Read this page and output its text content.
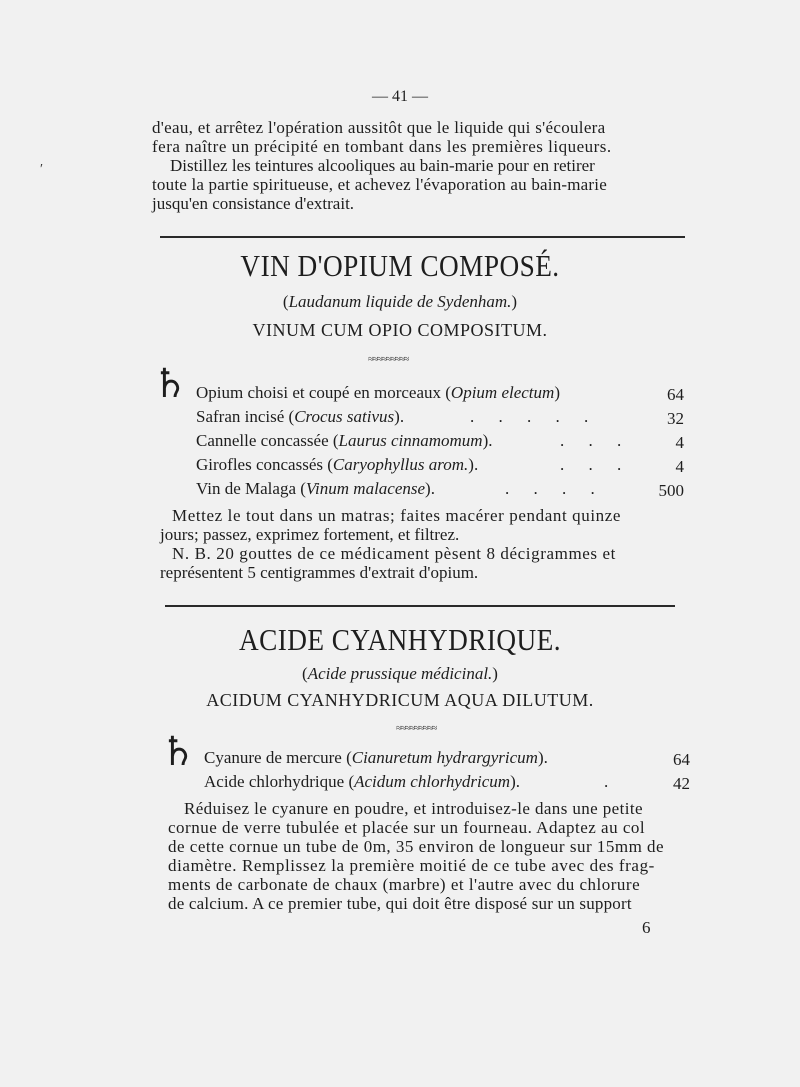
— 41 —
d'eau, et arrêtez l'opération aussitôt que le liquide qui s'écoulera
fera naître un précipité en tombant dans les premières liqueurs.
Distillez les teintures alcooliques au bain-marie pour en retirer
toute la partie spiritueuse, et achevez l'évaporation au bain-marie
jusqu'en consistance d'extrait.
′
VIN D'OPIUM COMPOSÉ.
(Laudanum liquide de Sydenham.)
VINUM CUM OPIO COMPOSITUM.
≈≈≈≈≈≈≈≈≈
♄ Opium choisi et coupé en morceaux (Opium electum)	64
Safran incisé (Crocus sativus).	. . . . .	32
Cannelle concassée (Laurus cinnamomum).	. . .	4
Girofles concassés (Caryophyllus arom.).	. . .	4
Vin de Malaga (Vinum malacense).	. . . .	500
Mettez le tout dans un matras; faites macérer pendant quinze
jours; passez, exprimez fortement, et filtrez.
N. B. 20 gouttes de ce médicament pèsent 8 décigrammes et
représentent 5 centigrammes d'extrait d'opium.
ACIDE CYANHYDRIQUE.
(Acide prussique médicinal.)
ACIDUM CYANHYDRICUM AQUA DILUTUM.
≈≈≈≈≈≈≈≈≈
♄ Cyanure de mercure (Cianuretum hydrargyricum).	64
Acide chlorhydrique (Acidum chlorhydricum).	.	42
Réduisez le cyanure en poudre, et introduisez-le dans une petite
cornue de verre tubulée et placée sur un fourneau. Adaptez au col
de cette cornue un tube de 0m, 35 environ de longueur sur 15mm de
diamètre. Remplissez la première moitié de ce tube avec des frag-
ments de carbonate de chaux (marbre) et l'autre avec du chlorure
de calcium. A ce premier tube, qui doit être disposé sur un support
6
